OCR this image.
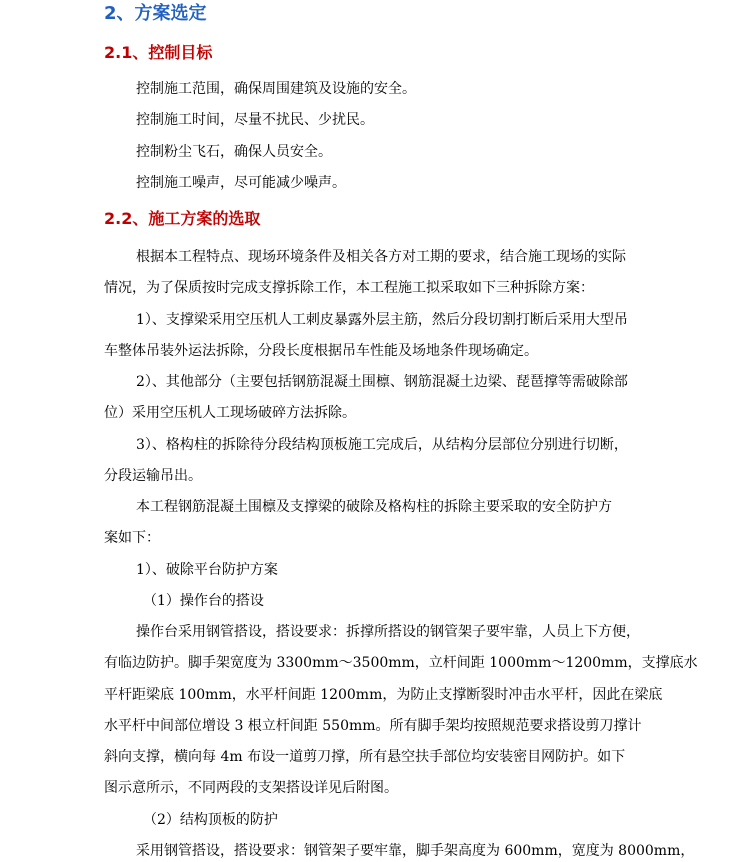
2、方案选定
2.1、控制目标
控制施工范围，确保周围建筑及设施的安全。
控制施工时间，尽量不扰民、少扰民。
控制粉尘飞石，确保人员安全。
控制施工噪声，尽可能减少噪声。
2.2、施工方案的选取
根据本工程特点、现场环境条件及相关各方对工期的要求，结合施工现场的实际
情况，为了保质按时完成支撑拆除工作，本工程施工拟采取如下三种拆除方案：
1）、支撑梁采用空压机人工刺皮暴露外层主筋，然后分段切割打断后采用大型吊
车整体吊装外运法拆除，分段长度根据吊车性能及场地条件现场确定。
2）、其他部分（主要包括钢筋混凝土围檩、钢筋混凝土边梁、琵琶撑等需破除部
位）采用空压机人工现场破碎方法拆除。
3）、格构柱的拆除待分段结构顶板施工完成后，从结构分层部位分别进行切断，
分段运输吊出。
本工程钢筋混凝土围檩及支撑梁的破除及格构柱的拆除主要采取的安全防护方
案如下：
1）、破除平台防护方案
（1）操作台的搭设
操作台采用钢管搭设，搭设要求：拆撑所搭设的钢管架子要牢靠，人员上下方便，
有临边防护。脚手架宽度为 3300mm～3500mm，立杆间距 1000mm～1200mm，支撑底水
平杆距梁底 100mm，水平杆间距 1200mm，为防止支撑断裂时冲击水平杆，因此在梁底
水平杆中间部位增设 3 根立杆间距 550mm。所有脚手架均按照规范要求搭设剪刀撑计
斜向支撑，横向每 4m 布设一道剪刀撑，所有悬空扶手部位均安装密目网防护。如下
图示意所示，不同两段的支架搭设详见后附图。
（2）结构顶板的防护
采用钢管搭设，搭设要求：钢管架子要牢靠，脚手架高度为 600mm，宽度为 8000mm，
